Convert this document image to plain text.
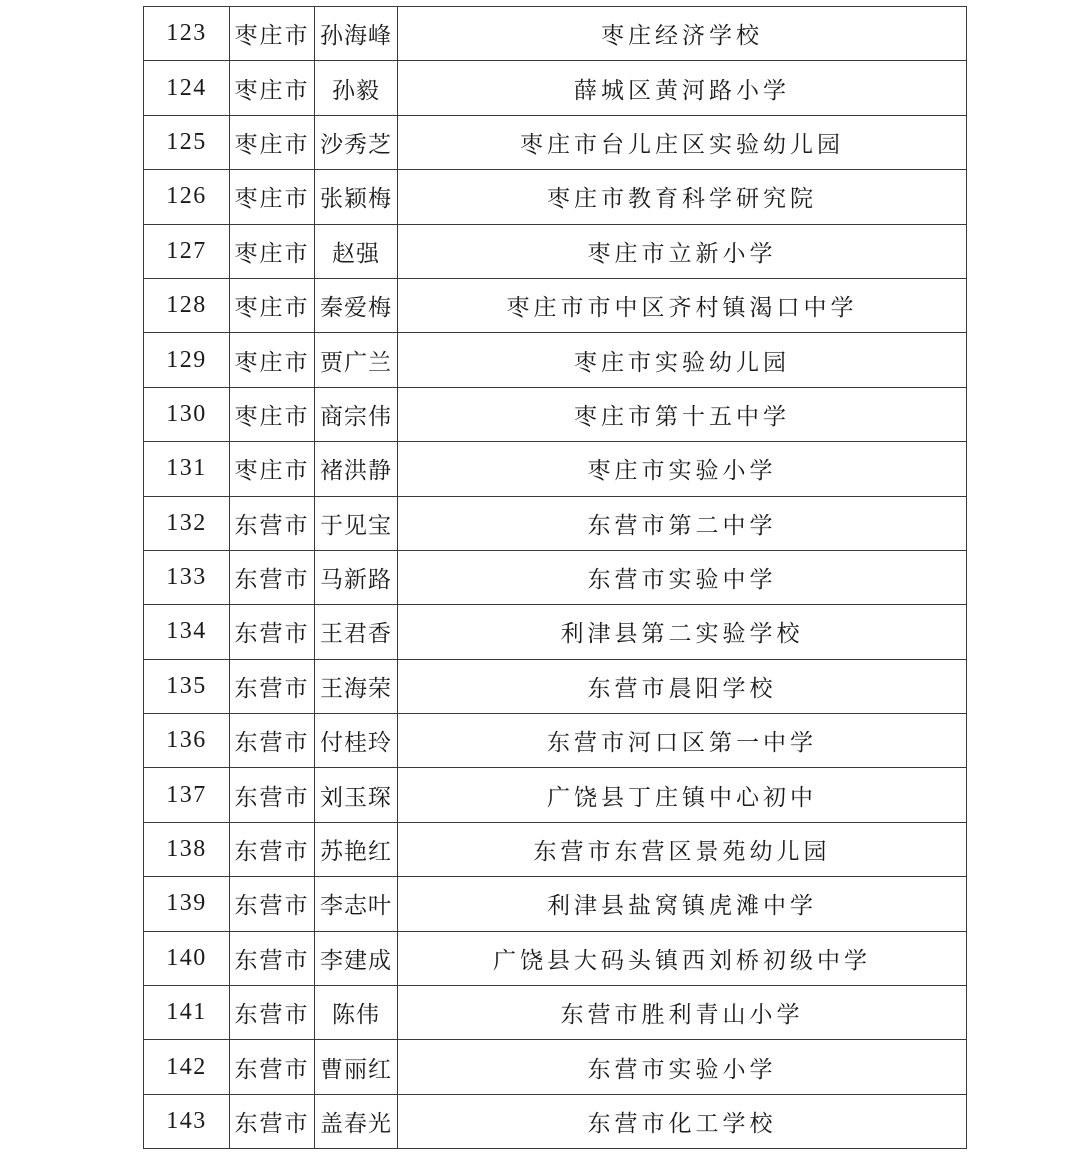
123	枣庄市	孙海峰	枣庄经济学校
124	枣庄市	孙毅	薛城区黄河路小学
125	枣庄市	沙秀芝	枣庄市台儿庄区实验幼儿园
126	枣庄市	张颖梅	枣庄市教育科学研究院
127	枣庄市	赵强	枣庄市立新小学
128	枣庄市	秦爱梅	枣庄市市中区齐村镇渴口中学
129	枣庄市	贾广兰	枣庄市实验幼儿园
130	枣庄市	商宗伟	枣庄市第十五中学
131	枣庄市	褚洪静	枣庄市实验小学
132	东营市	于见宝	东营市第二中学
133	东营市	马新路	东营市实验中学
134	东营市	王君香	利津县第二实验学校
135	东营市	王海荣	东营市晨阳学校
136	东营市	付桂玲	东营市河口区第一中学
137	东营市	刘玉琛	广饶县丁庄镇中心初中
138	东营市	苏艳红	东营市东营区景苑幼儿园
139	东营市	李志叶	利津县盐窝镇虎滩中学
140	东营市	李建成	广饶县大码头镇西刘桥初级中学
141	东营市	陈伟	东营市胜利青山小学
142	东营市	曹丽红	东营市实验小学
143	东营市	盖春光	东营市化工学校
